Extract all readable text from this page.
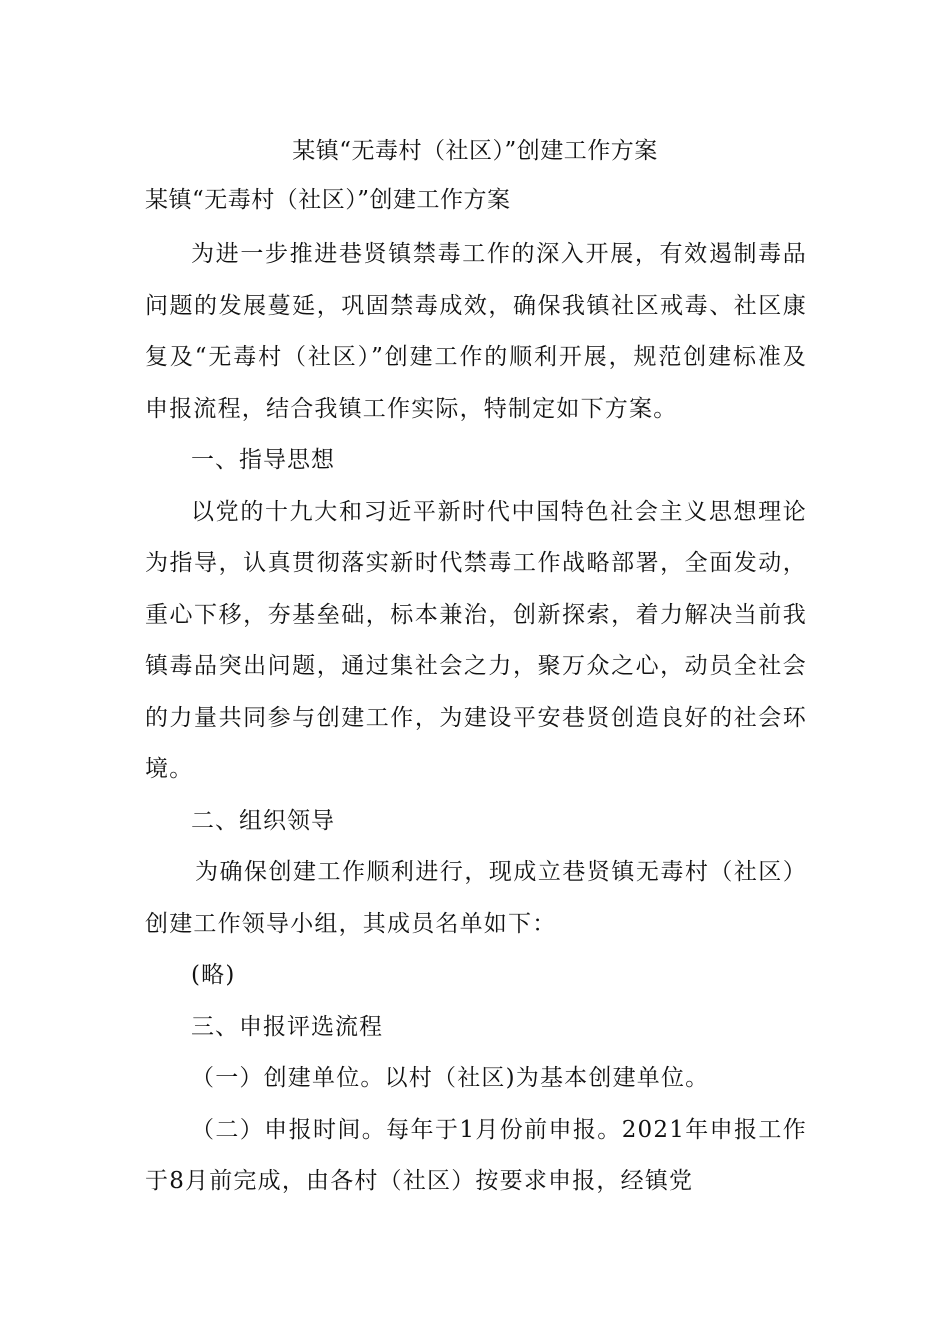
某镇“无毒村（社区）”创建工作方案
某镇“无毒村（社区）”创建工作方案

为进一步推进巷贤镇禁毒工作的深入开展，有效遏制毒品问题的发展蔓延，巩固禁毒成效，确保我镇社区戒毒、社区康复及“无毒村（社区）”创建工作的顺利开展，规范创建标准及申报流程，结合我镇工作实际，特制定如下方案。

一、指导思想

以党的十九大和习近平新时代中国特色社会主义思想理论为指导，认真贯彻落实新时代禁毒工作战略部署，全面发动，重心下移，夯基垒础，标本兼治，创新探索，着力解决当前我镇毒品突出问题，通过集社会之力，聚万众之心，动员全社会的力量共同参与创建工作，为建设平安巷贤创造良好的社会环境。

二、组织领导

为确保创建工作顺利进行，现成立巷贤镇无毒村（社区） 创建工作领导小组，其成员名单如下：

(略)

三、申报评选流程

（一）创建单位。以村（社区)为基本创建单位。

（二）申报时间。每年于1月份前申报。2021年申报工作于8月前完成，由各村（社区）按要求申报，经镇党
